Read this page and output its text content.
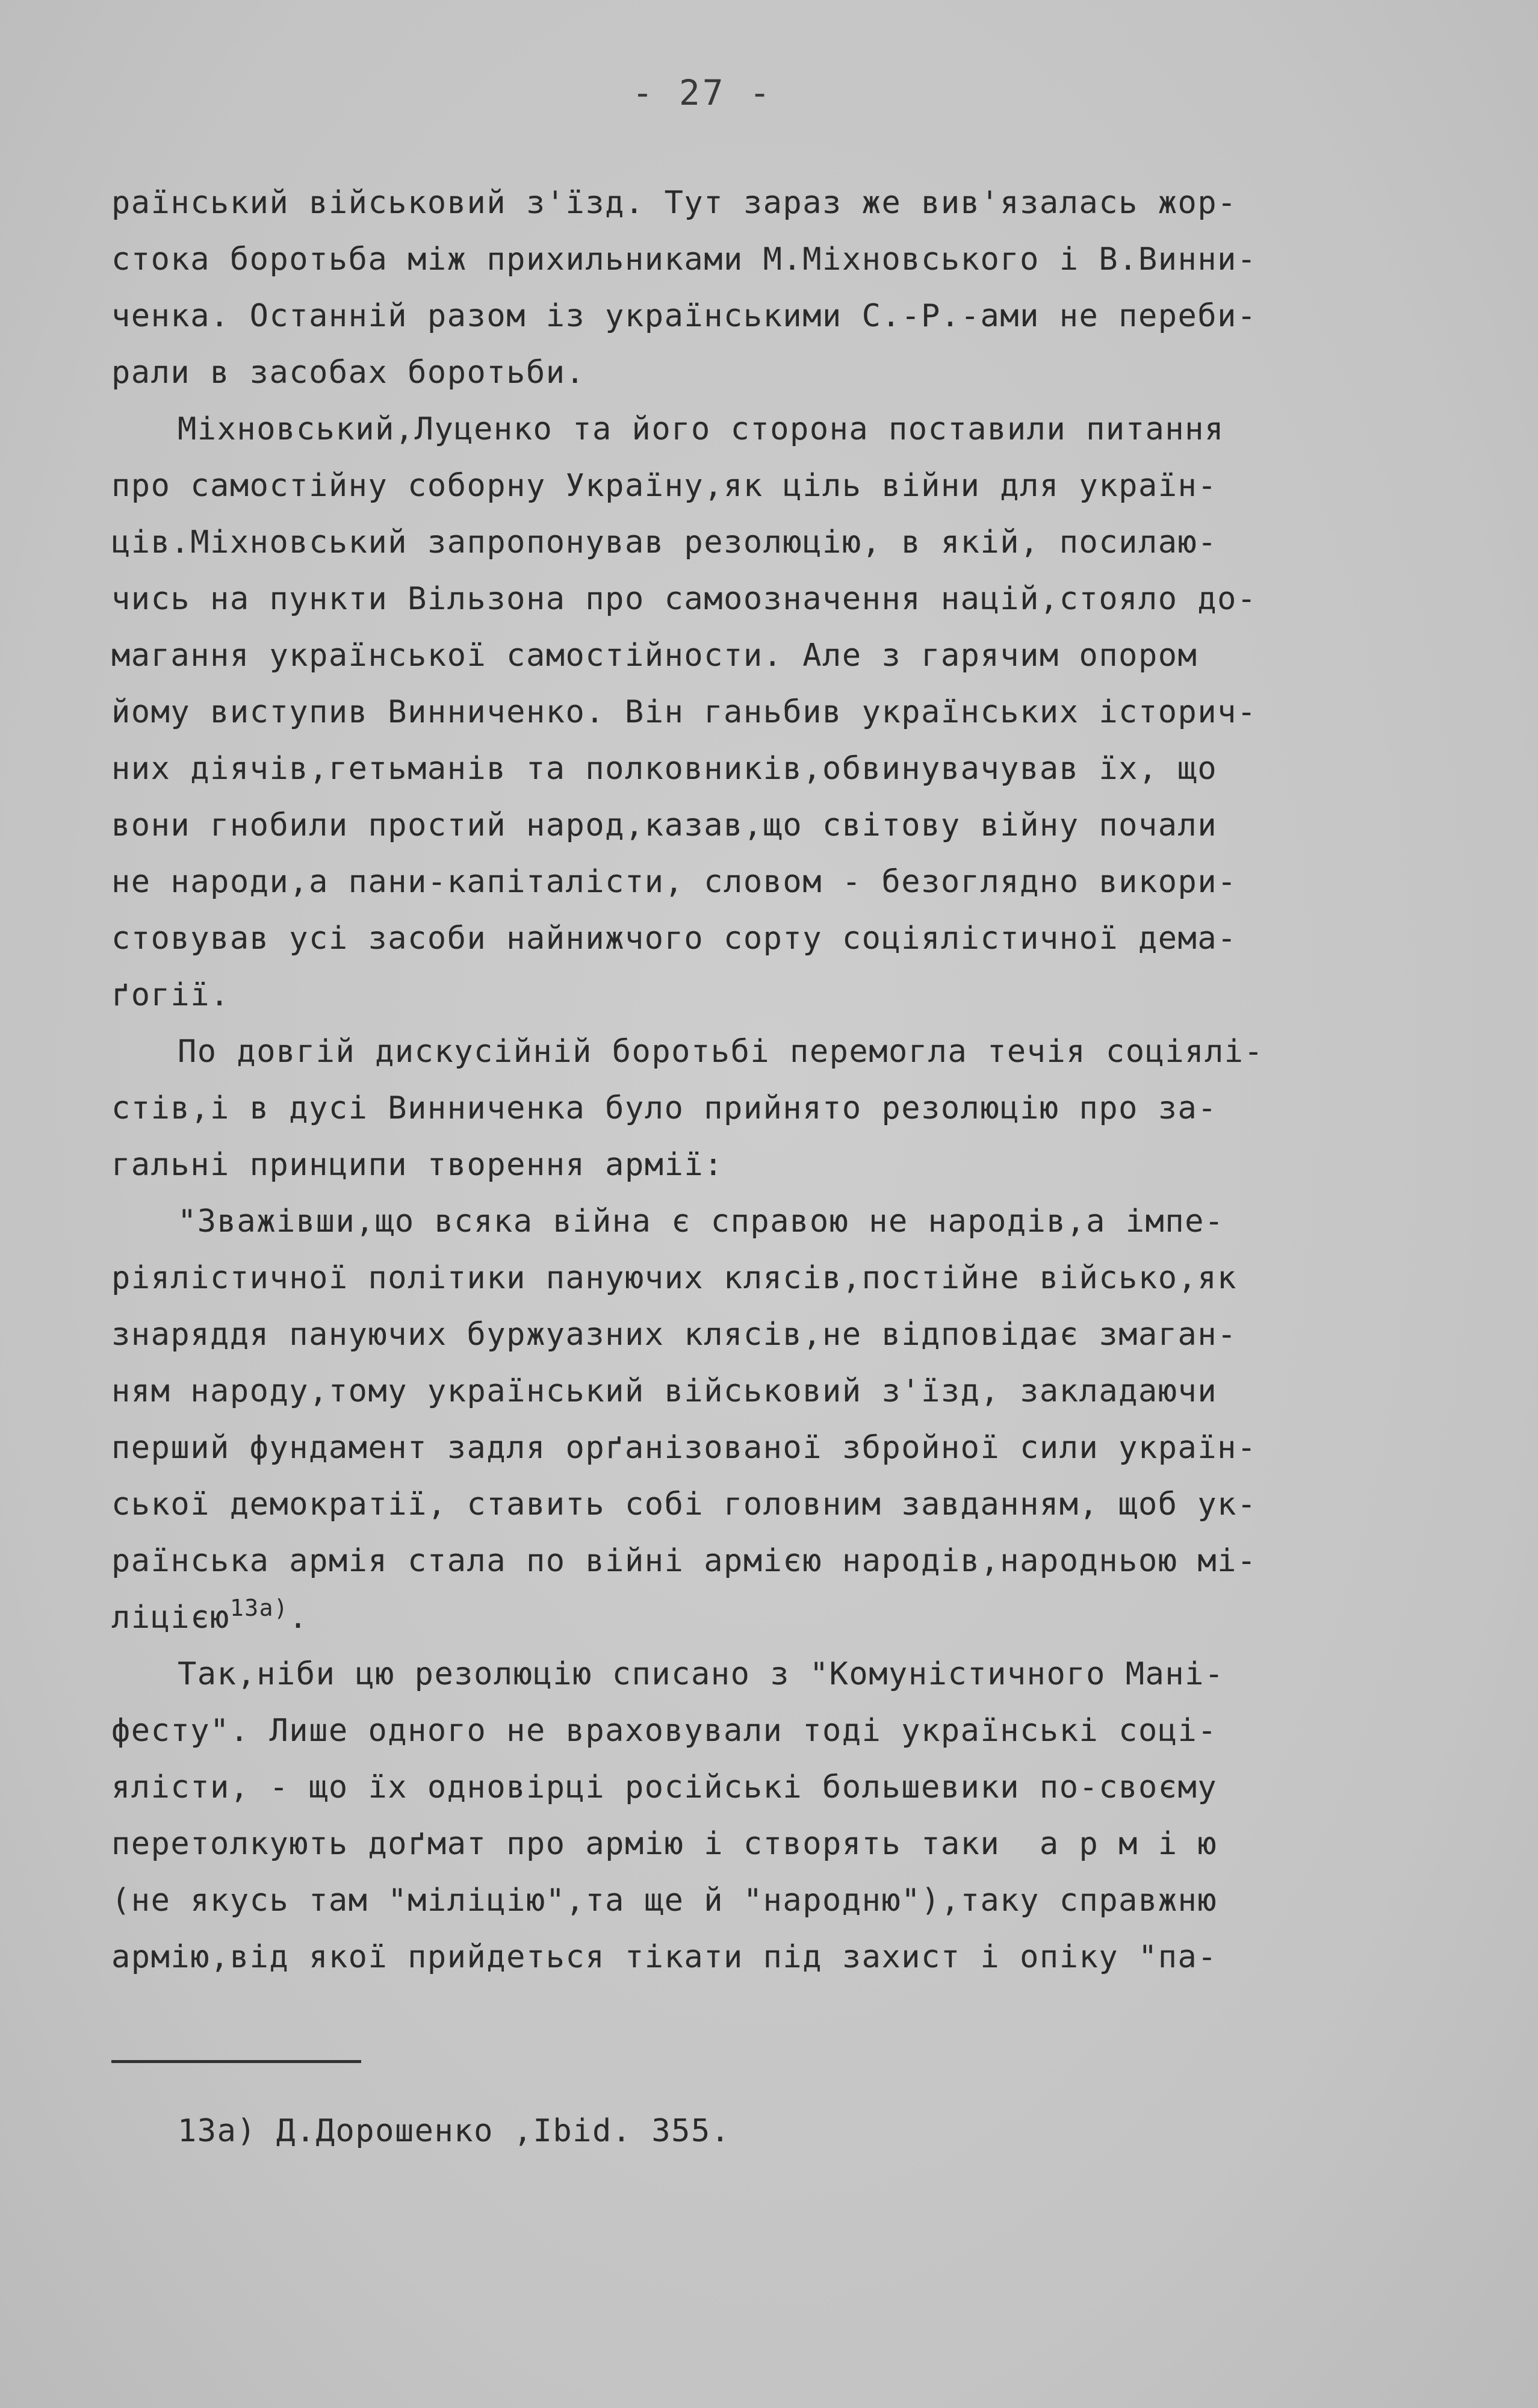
- 27 -
раїнський військовий з'їзд. Тут зараз же вив'язалась жор-
стока боротьба між прихильниками М.Міхновського і В.Винни-
ченка. Останній разом із українськими С.-Р.-ами не переби-
рали в засобах боротьби.
Міхновський,Луценко та його сторона поставили питання
про самостійну соборну Україну,як ціль війни для україн-
ців.Міхновський запропонував резолюцію, в якій, посилаю-
чись на пункти Вільзона про самоозначення націй,стояло до-
магання української самостійности. Але з гарячим опором
йому виступив Винниченко. Він ганьбив українських історич-
них діячів,гетьманів та полковників,обвинувачував їх, що
вони гнобили простий народ,казав,що світову війну почали
не народи,а пани-капіталісти, словом - безоглядно викори-
стовував усі засоби найнижчого сорту соціялістичної дема-
ґогії.
По довгій дискусійній боротьбі перемогла течія соціялі-
стів,і в дусі Винниченка було прийнято резолюцію про за-
гальні принципи творення армії:
"Зважівши,що всяка війна є справою не народів,а імпе-
ріялістичної політики пануючих клясів,постійне військо,як
знаряддя пануючих буржуазних клясів,не відповідає змаган-
ням народу,тому український військовий з'їзд, закладаючи
перший фундамент задля орґанізованої збройної сили україн-
ської демократії, ставить собі головним завданням, щоб ук-
раїнська армія стала по війні армією народів,народньою мі-
ліцією$^{13а)}$.
Так,ніби цю резолюцію списано з "Комуністичного Мані-
фесту". Лише одного не враховували тоді українські соці-
ялісти, - що їх одновірці російські большевики по-своєму
перетолкують доґмат про армію і створять таки  а р м і ю
(не якусь там "міліцію",та ще й "народню"),таку справжню
армію,від якої прийдеться тікати під захист і опіку "па-
13а) Д.Дорошенко ,Ibid. 355.
